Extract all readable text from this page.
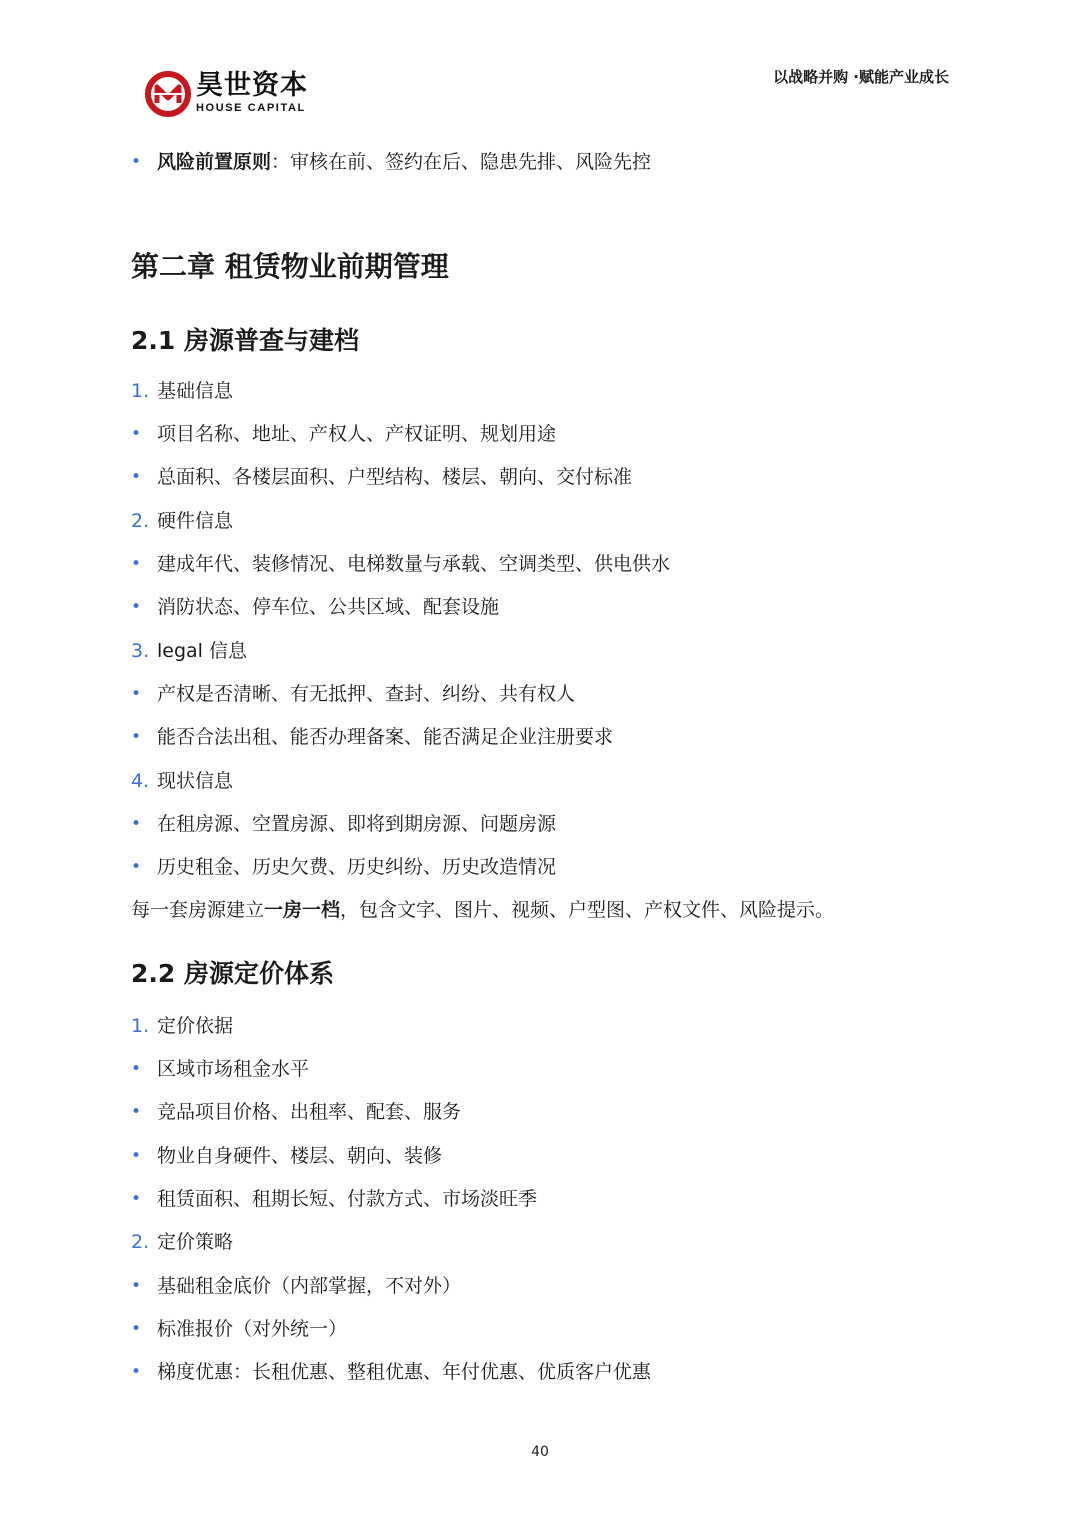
昊世资本
HOUSE CAPITAL
以战略并购 ·赋能产业成长
• 风险前置原则：审核在前、签约在后、隐患先排、风险先控
第二章 租赁物业前期管理
2.1 房源普查与建档
1. 基础信息
• 项目名称、地址、产权人、产权证明、规划用途
• 总面积、各楼层面积、户型结构、楼层、朝向、交付标准
2. 硬件信息
• 建成年代、装修情况、电梯数量与承载、空调类型、供电供水
• 消防状态、停车位、公共区域、配套设施
3. legal 信息
• 产权是否清晰、有无抵押、查封、纠纷、共有权人
• 能否合法出租、能否办理备案、能否满足企业注册要求
4. 现状信息
• 在租房源、空置房源、即将到期房源、问题房源
• 历史租金、历史欠费、历史纠纷、历史改造情况
每一套房源建立一房一档，包含文字、图片、视频、户型图、产权文件、风险提示。
2.2 房源定价体系
1. 定价依据
• 区域市场租金水平
• 竞品项目价格、出租率、配套、服务
• 物业自身硬件、楼层、朝向、装修
• 租赁面积、租期长短、付款方式、市场淡旺季
2. 定价策略
• 基础租金底价（内部掌握，不对外）
• 标准报价（对外统一）
• 梯度优惠：长租优惠、整租优惠、年付优惠、优质客户优惠
40
